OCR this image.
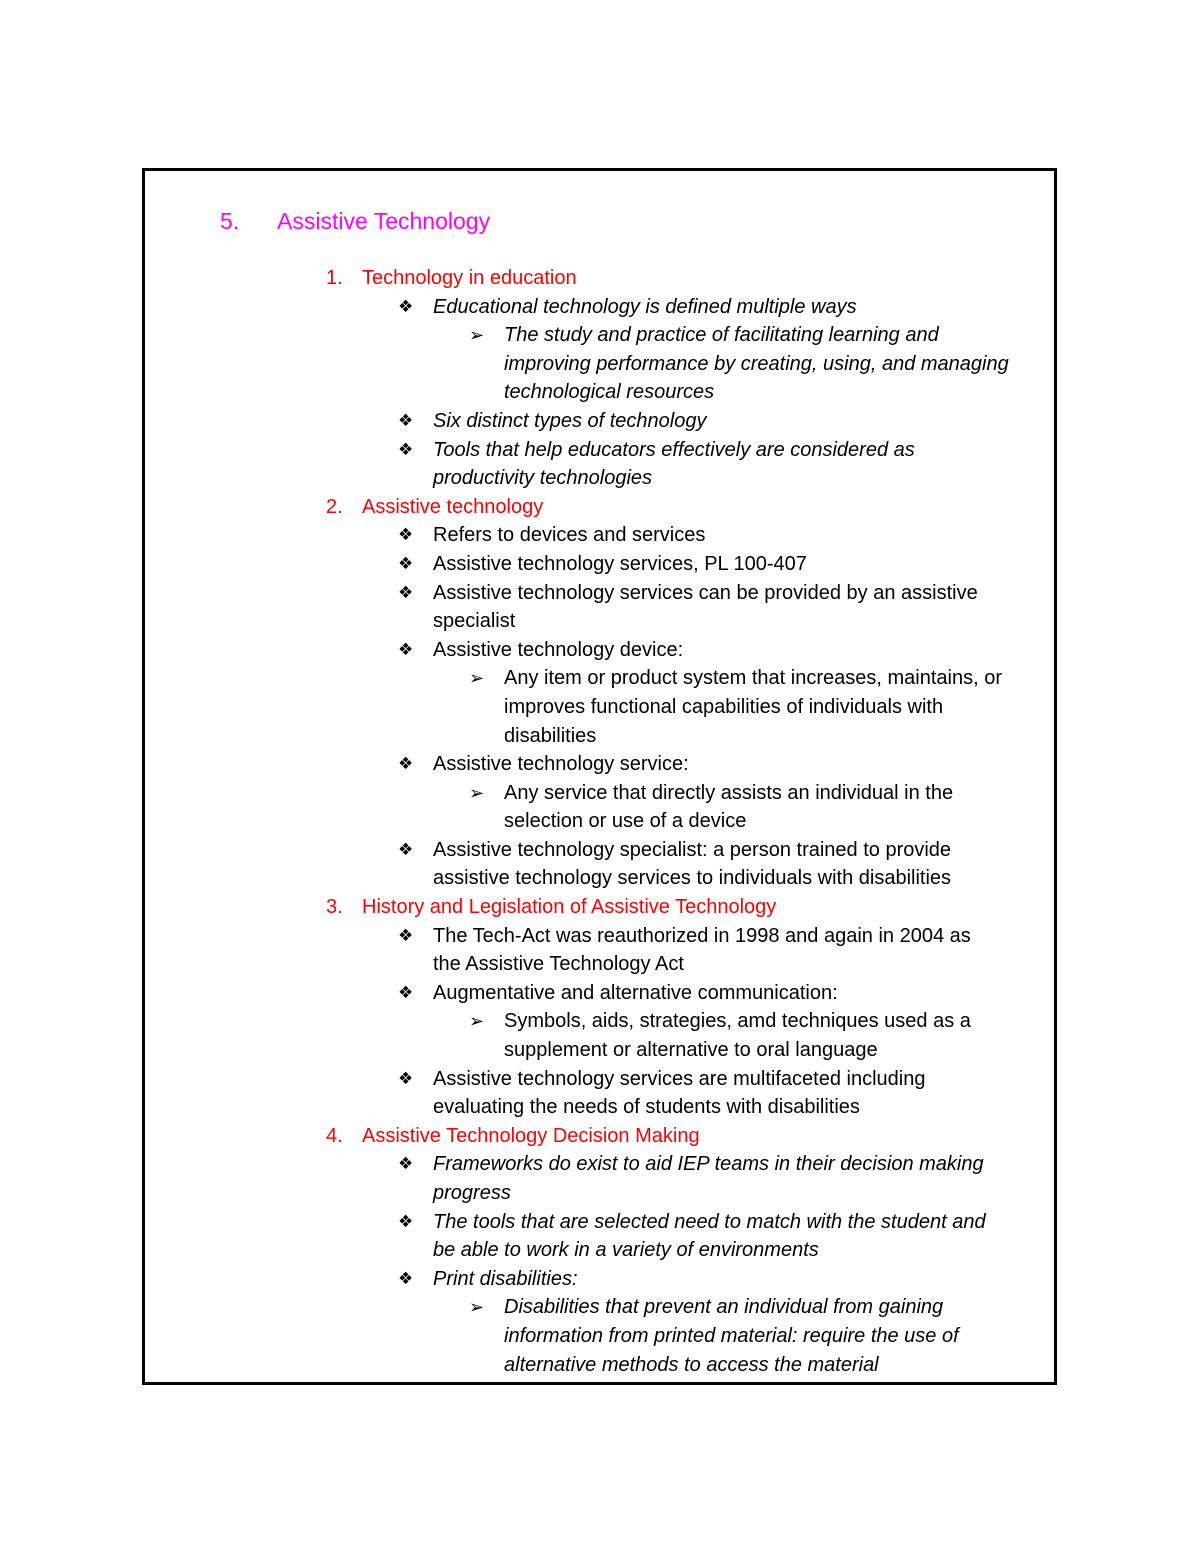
5. Assistive Technology
1. Technology in education
❖ Educational technology is defined multiple ways
➢ The study and practice of facilitating learning and
improving performance by creating, using, and managing
technological resources
❖ Six distinct types of technology
❖ Tools that help educators effectively are considered as
productivity technologies
2. Assistive technology
❖ Refers to devices and services
❖ Assistive technology services, PL 100-407
❖ Assistive technology services can be provided by an assistive
specialist
❖ Assistive technology device:
➢ Any item or product system that increases, maintains, or
improves functional capabilities of individuals with
disabilities
❖ Assistive technology service:
➢ Any service that directly assists an individual in the
selection or use of a device
❖ Assistive technology specialist: a person trained to provide
assistive technology services to individuals with disabilities
3. History and Legislation of Assistive Technology
❖ The Tech-Act was reauthorized in 1998 and again in 2004 as
the Assistive Technology Act
❖ Augmentative and alternative communication:
➢ Symbols, aids, strategies, amd techniques used as a
supplement or alternative to oral language
❖ Assistive technology services are multifaceted including
evaluating the needs of students with disabilities
4. Assistive Technology Decision Making
❖ Frameworks do exist to aid IEP teams in their decision making
progress
❖ The tools that are selected need to match with the student and
be able to work in a variety of environments
❖ Print disabilities:
➢ Disabilities that prevent an individual from gaining
information from printed material: require the use of
alternative methods to access the material
